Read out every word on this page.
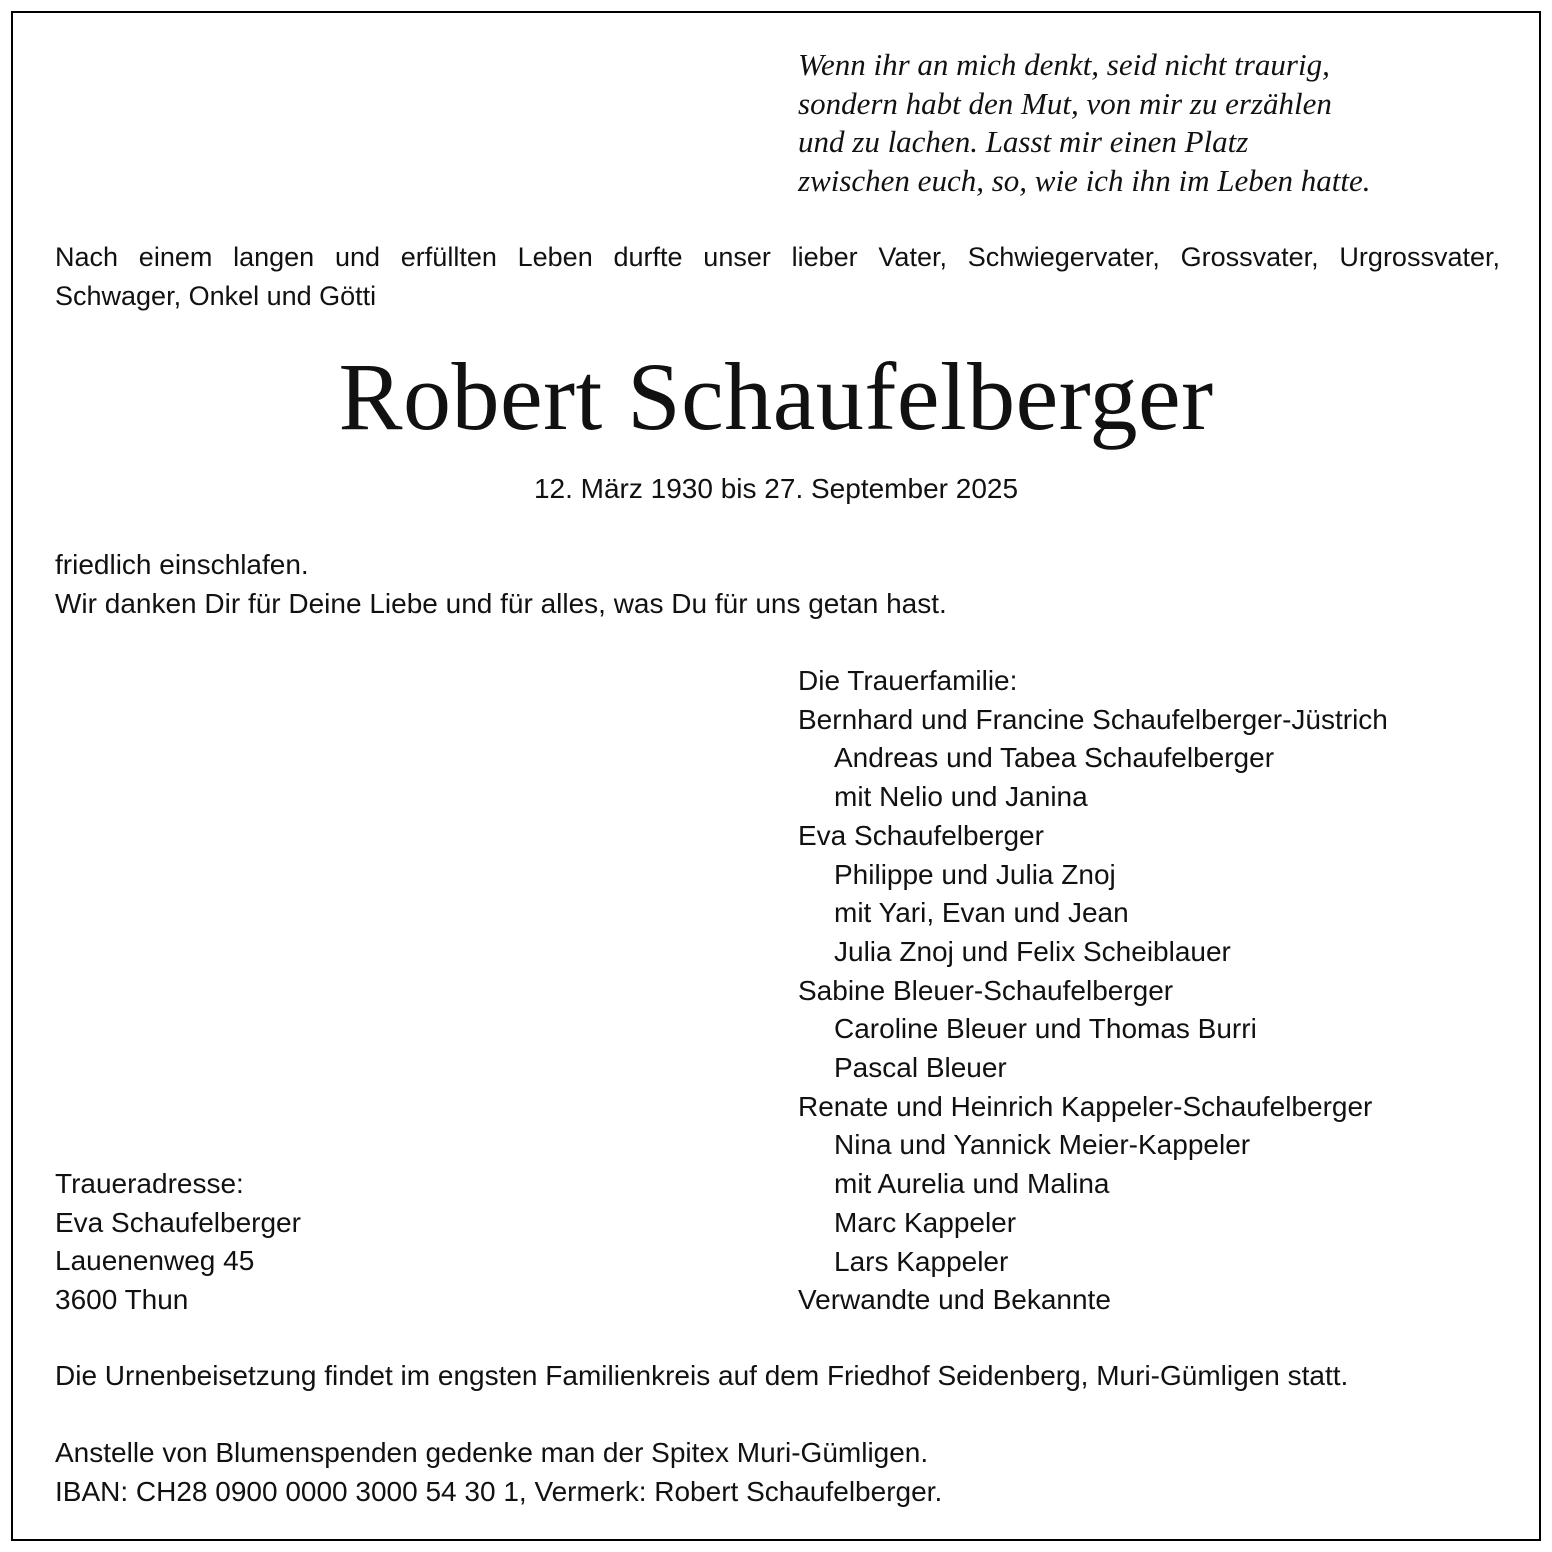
Wenn ihr an mich denkt, seid nicht traurig,
sondern habt den Mut, von mir zu erzählen
und zu lachen. Lasst mir einen Platz
zwischen euch, so, wie ich ihn im Leben hatte.
Nach einem langen und erfüllten Leben durfte unser lieber Vater, Schwiegervater, Grossvater, Urgrossvater,
Schwager, Onkel und Götti
Robert Schaufelberger
12. März 1930 bis 27. September 2025
friedlich einschlafen.
Wir danken Dir für Deine Liebe und für alles, was Du für uns getan hast.
Die Trauerfamilie:
Bernhard und Francine Schaufelberger-Jüstrich
Andreas und Tabea Schaufelberger
mit Nelio und Janina
Eva Schaufelberger
Philippe und Julia Znoj
mit Yari, Evan und Jean
Julia Znoj und Felix Scheiblauer
Sabine Bleuer-Schaufelberger
Caroline Bleuer und Thomas Burri
Pascal Bleuer
Renate und Heinrich Kappeler-Schaufelberger
Nina und Yannick Meier-Kappeler
mit Aurelia und Malina
Marc Kappeler
Lars Kappeler
Verwandte und Bekannte
Traueradresse:
Eva Schaufelberger
Lauenenweg 45
3600 Thun
Die Urnenbeisetzung findet im engsten Familienkreis auf dem Friedhof Seidenberg, Muri-Gümligen statt.
Anstelle von Blumenspenden gedenke man der Spitex Muri-Gümligen.
IBAN: CH28 0900 0000 3000 54 30 1, Vermerk: Robert Schaufelberger.
